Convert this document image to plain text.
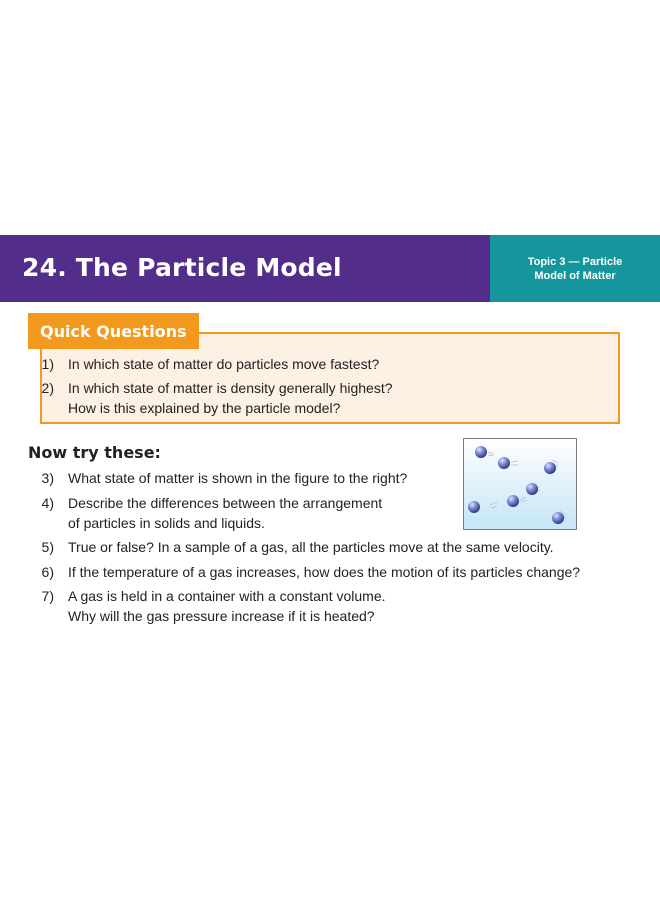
24. The Particle Model	Topic 3 — Particle
Model of Matter
Quick Questions
1) In which state of matter do particles move fastest?
2) In which state of matter is density generally highest?
How is this explained by the particle model?
Now try these:
3) What state of matter is shown in the figure to the right?
4) Describe the differences between the arrangement
of particles in solids and liquids.
5) True or false? In a sample of a gas, all the particles move at the same velocity.
6) If the temperature of a gas increases, how does the motion of its particles change?
7) A gas is held in a container with a constant volume.
Why will the gas pressure increase if it is heated?
